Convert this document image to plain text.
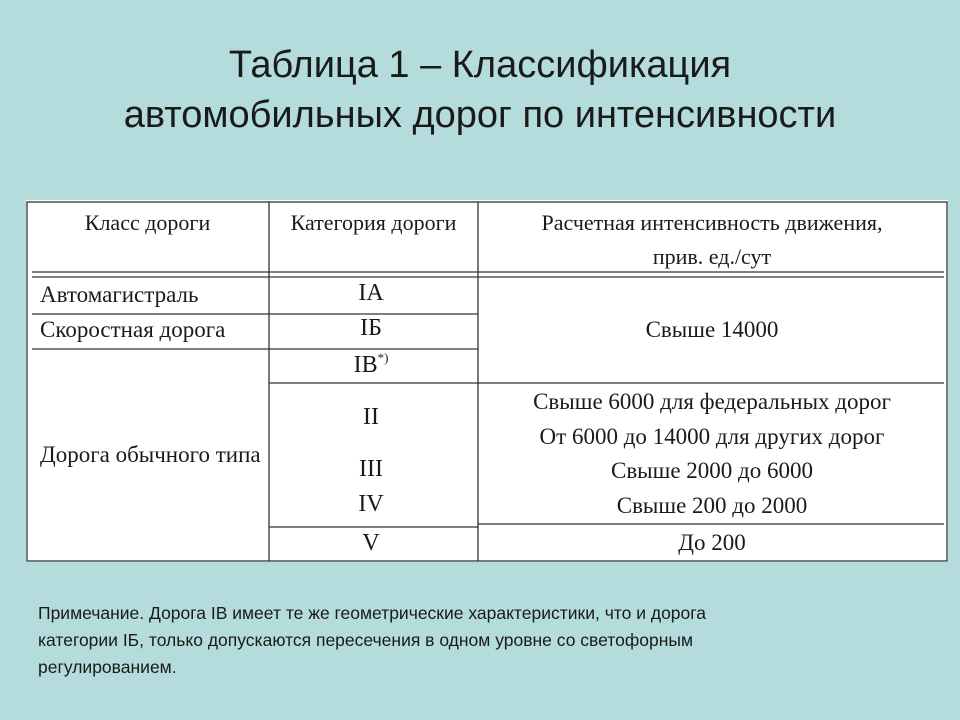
Таблица 1 – Классификация
автомобильных дорог по интенсивности
Класс дороги	Категория дороги	Расчетная интенсивность движения,
прив. ед./сут
Автомагистраль
Скоростная дорога
Дорога обычного типа
IА
IБ
IВ*)
II
III
IV
V
Свыше 14000
Свыше 6000 для федеральных дорог
От 6000 до 14000 для других дорог
Свыше 2000 до 6000
Свыше 200 до 2000
До 200
Примечание. Дорога IВ имеет те же геометрические характеристики, что и дорога
категории IБ, только допускаются пересечения в одном уровне со светофорным
регулированием.
